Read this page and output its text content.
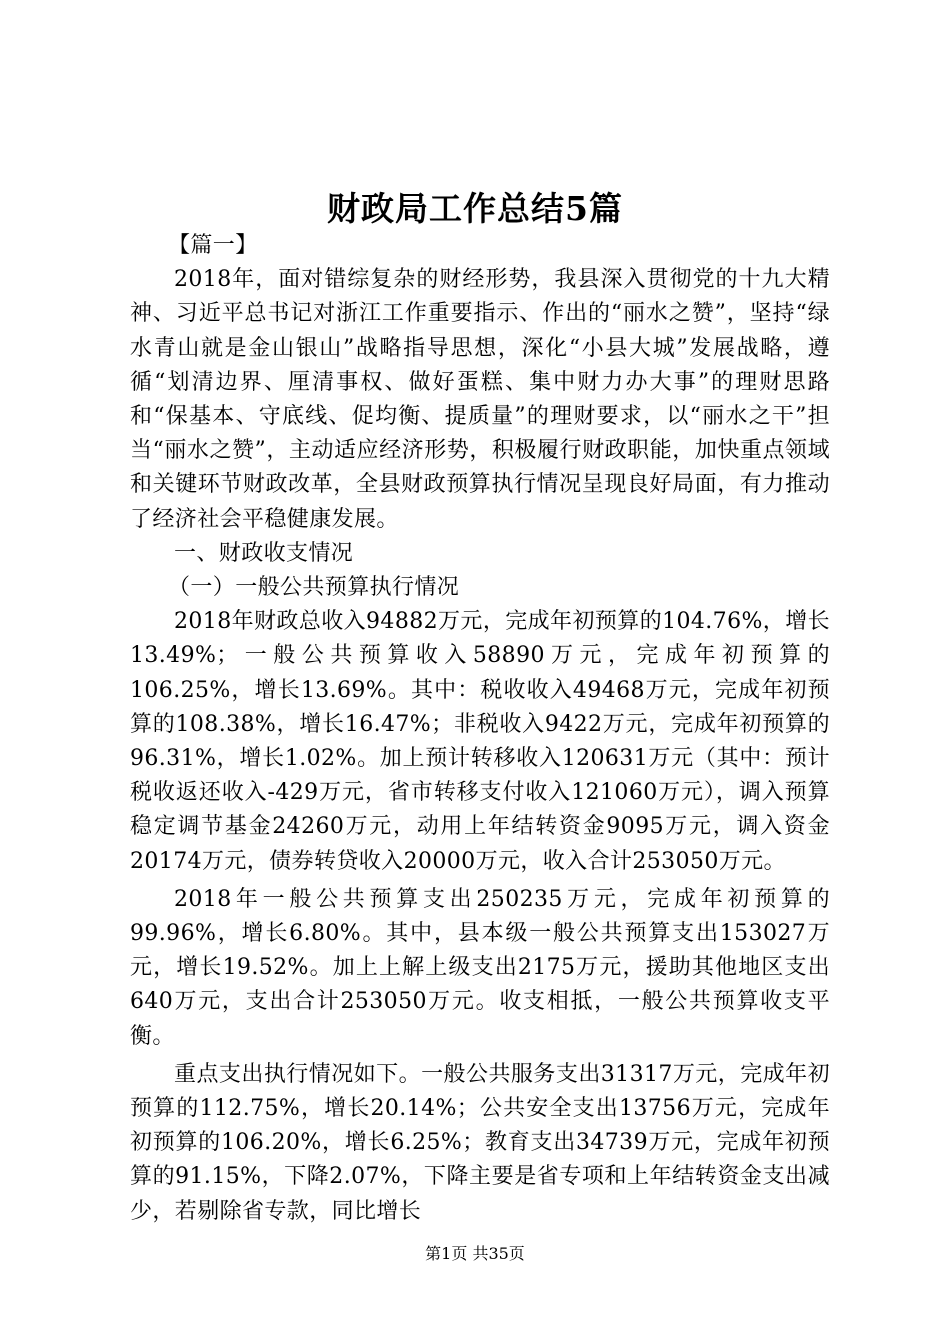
财政局工作总结5篇

【篇一】

2018年，面对错综复杂的财经形势，我县深入贯彻党的十九大精神、习近平总书记对浙江工作重要指示、作出的“丽水之赞”，坚持“绿水青山就是金山银山”战略指导思想，深化“小县大城”发展战略，遵循“划清边界、厘清事权、做好蛋糕、集中财力办大事”的理财思路和“保基本、守底线、促均衡、提质量”的理财要求，以“丽水之干”担当“丽水之赞”，主动适应经济形势，积极履行财政职能，加快重点领域和关键环节财政改革，全县财政预算执行情况呈现良好局面，有力推动了经济社会平稳健康发展。

一、财政收支情况

（一）一般公共预算执行情况

2018年财政总收入94882万元，完成年初预算的104.76%，增长13.49%；一般公共预算收入58890万元，完成年初预算的106.25%，增长13.69%。其中：税收收入49468万元，完成年初预算的108.38%，增长16.47%；非税收入9422万元，完成年初预算的96.31%，增长1.02%。加上预计转移收入120631万元（其中：预计税收返还收入-429万元，省市转移支付收入121060万元），调入预算稳定调节基金24260万元，动用上年结转资金9095万元，调入资金20174万元，债券转贷收入20000万元，收入合计253050万元。

2018年一般公共预算支出250235万元，完成年初预算的99.96%，增长6.80%。其中，县本级一般公共预算支出153027万元，增长19.52%。加上上解上级支出2175万元，援助其他地区支出640万元，支出合计253050万元。收支相抵，一般公共预算收支平衡。

重点支出执行情况如下。一般公共服务支出31317万元，完成年初预算的112.75%，增长20.14%；公共安全支出13756万元，完成年初预算的106.20%，增长6.25%；教育支出34739万元，完成年初预算的91.15%，下降2.07%，下降主要是省专项和上年结转资金支出减少，若剔除省专款，同比增长

第1页 共35页
